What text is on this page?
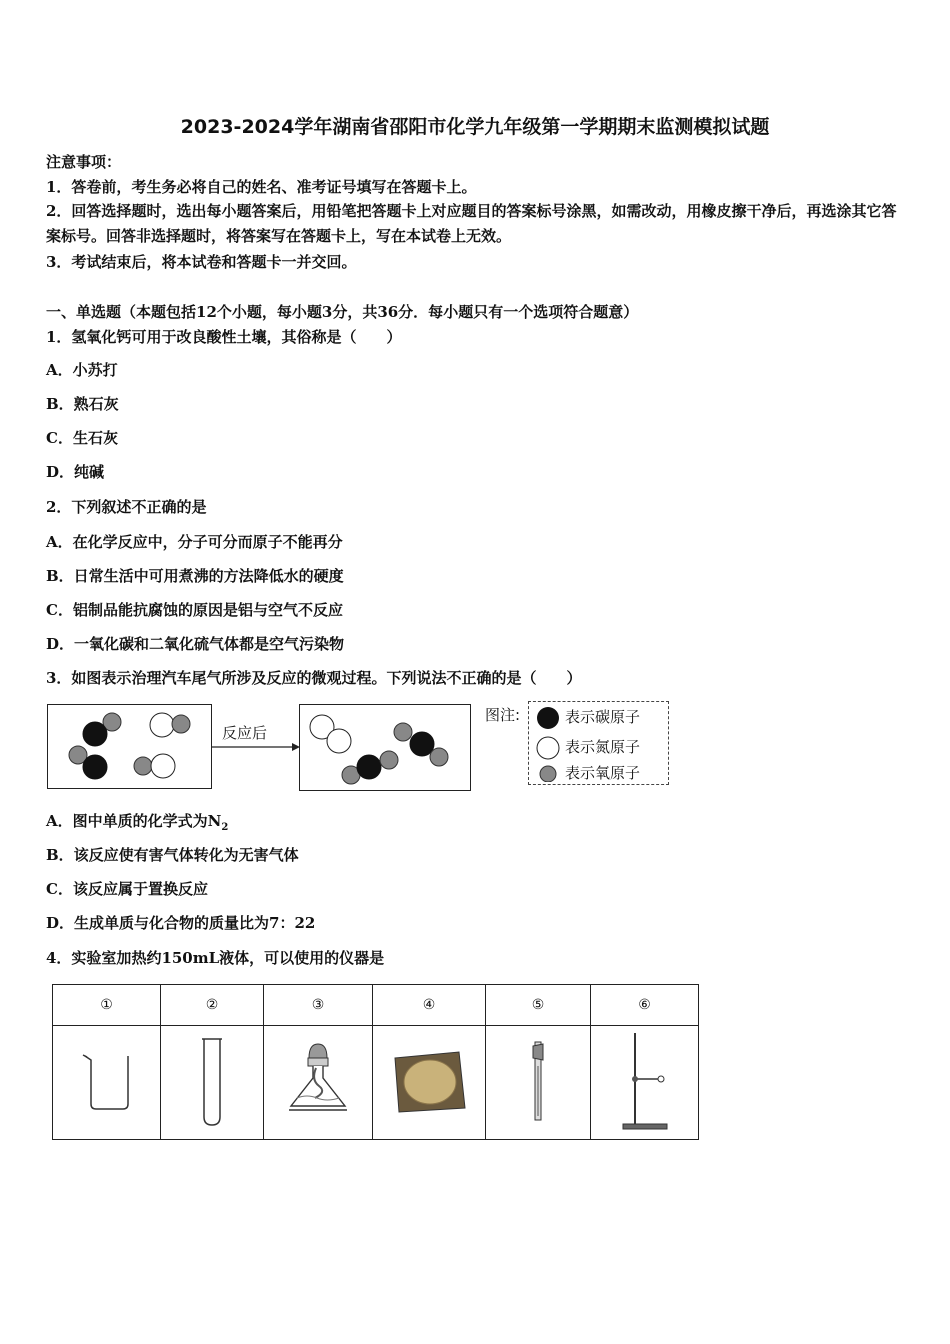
2023-2024学年湖南省邵阳市化学九年级第一学期期末监测模拟试题
注意事项：
1．答卷前，考生务必将自己的姓名、准考证号填写在答题卡上。
2．回答选择题时，选出每小题答案后，用铅笔把答题卡上对应题目的答案标号涂黑，如需改动，用橡皮擦干净后，再选涂其它答案标号。回答非选择题时，将答案写在答题卡上，写在本试卷上无效。
3．考试结束后，将本试卷和答题卡一并交回。
一、单选题（本题包括12个小题，每小题3分，共36分．每小题只有一个选项符合题意）
1．氢氧化钙可用于改良酸性土壤，其俗称是（　　）
A．小苏打
B．熟石灰
C．生石灰
D．纯碱
2．下列叙述不正确的是
A．在化学反应中，分子可分而原子不能再分
B．日常生活中可用煮沸的方法降低水的硬度
C．铝制品能抗腐蚀的原因是铝与空气不反应
D．一氧化碳和二氧化硫气体都是空气污染物
3．如图表示治理汽车尾气所涉及反应的微观过程。下列说法不正确的是（　　）
反应后
图注:	表示碳原子
表示氮原子
表示氧原子
A．图中单质的化学式为$N_2$
B．该反应使有害气体转化为无害气体
C．该反应属于置换反应
D．生成单质与化合物的质量比为7：22
4．实验室加热约150mL液体，可以使用的仪器是
①	②	③	④	⑤	⑥
